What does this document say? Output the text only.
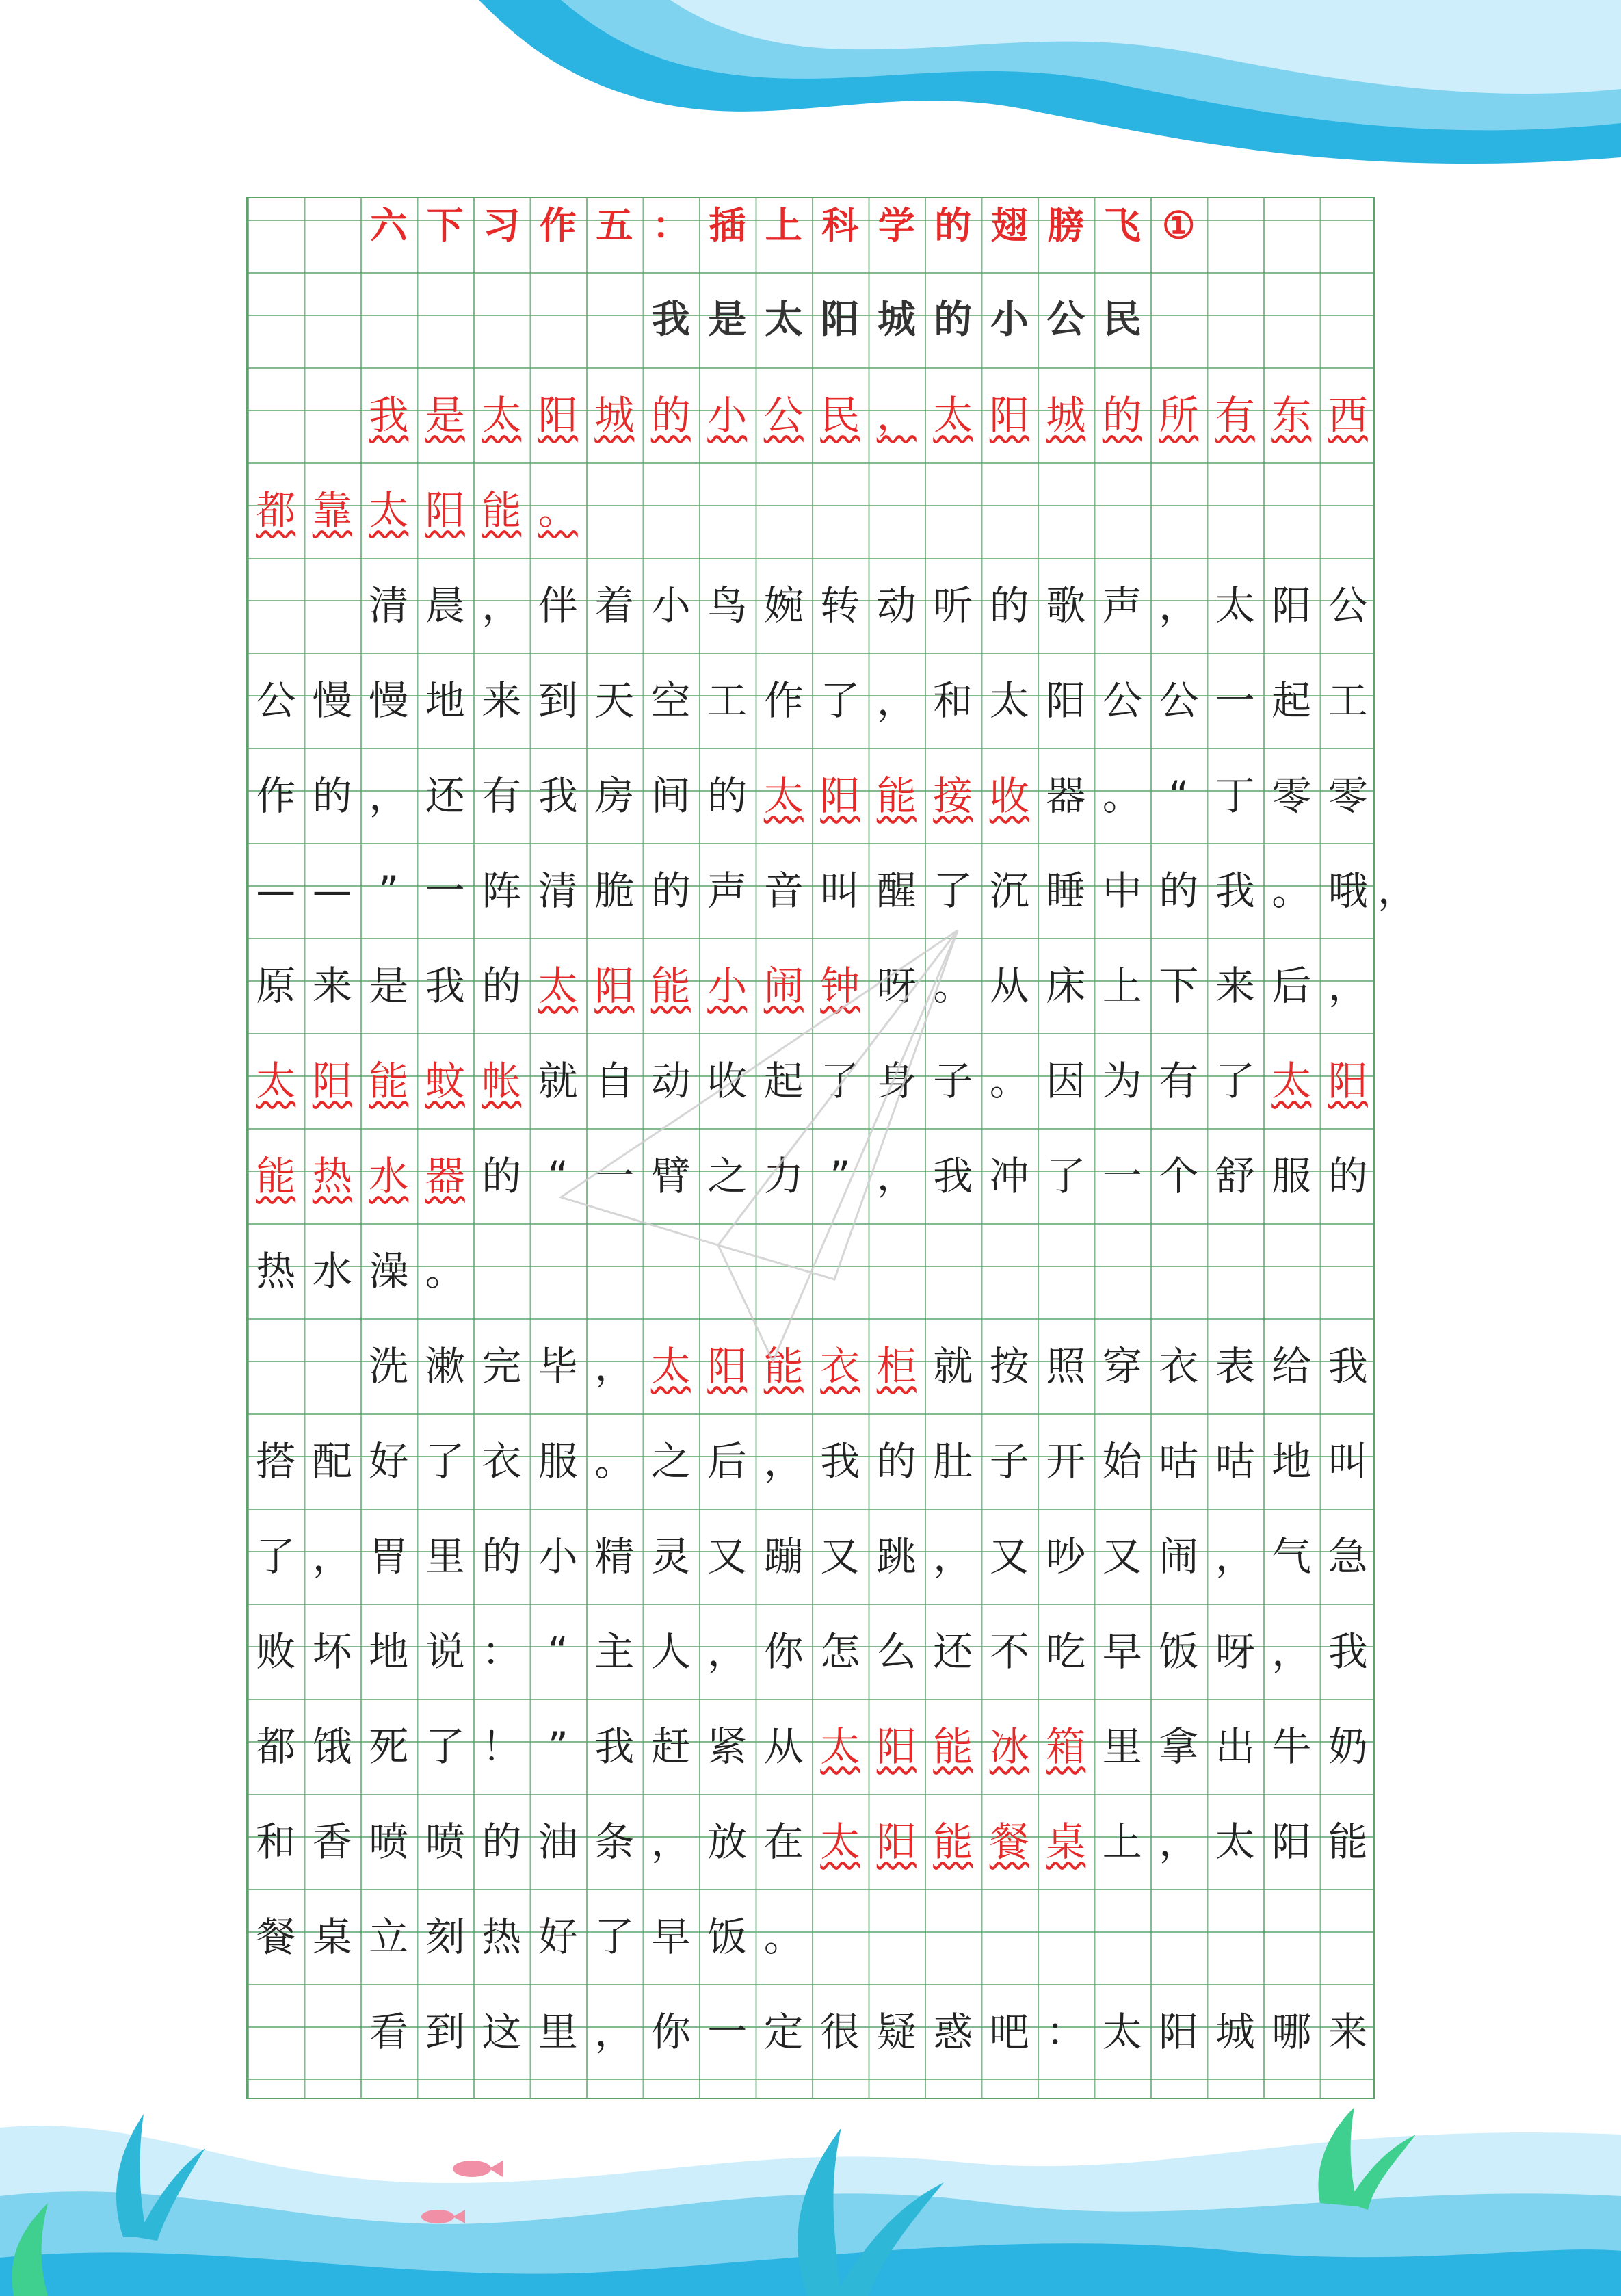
六 下 习 作 五 ： 插 上 科 学 的 翅 膀 飞 ①
我 是 太 阳 城 的 小 公 民
我 是 太 阳 城 的 小 公 民 ， 太 阳 城 的 所 有 东 西
都 靠 太 阳 能 。
清 晨 ， 伴 着 小 鸟 婉 转 动 听 的 歌 声 ， 太 阳 公
公 慢 慢 地 来 到 天 空 工 作 了 ， 和 太 阳 公 公 一 起 工
作 的 ， 还 有 我 房 间 的 太 阳 能 接 收 器 。 “ 丁 零 零
— — ” 一 阵 清 脆 的 声 音 叫 醒 了 沉 睡 中 的 我 。 哦
原 来 是 我 的 太 阳 能 小 闹 钟 呀 。 从 床 上 下 来 后 ，
太 阳 能 蚊 帐 就 自 动 收 起 了 身 子 。 因 为 有 了 太 阳
能 热 水 器 的 “ 一 臂 之 力 ” ， 我 冲 了 一 个 舒 服 的
热 水 澡 。
洗 漱 完 毕 ， 太 阳 能 衣 柜 就 按 照 穿 衣 表 给 我
搭 配 好 了 衣 服 。 之 后 ， 我 的 肚 子 开 始 咕 咕 地 叫
了 ， 胃 里 的 小 精 灵 又 蹦 又 跳 ， 又 吵 又 闹 ， 气 急
败 坏 地 说 ： “ 主 人 ， 你 怎 么 还 不 吃 早 饭 呀 ， 我
都 饿 死 了 ！ ” 我 赶 紧 从 太 阳 能 冰 箱 里 拿 出 牛 奶
和 香 喷 喷 的 油 条 ， 放 在 太 阳 能 餐 桌 上 ， 太 阳 能
餐 桌 立 刻 热 好 了 早 饭 。
看 到 这 里 ， 你 一 定 很 疑 惑 吧 ： 太 阳 城 哪 来
，
